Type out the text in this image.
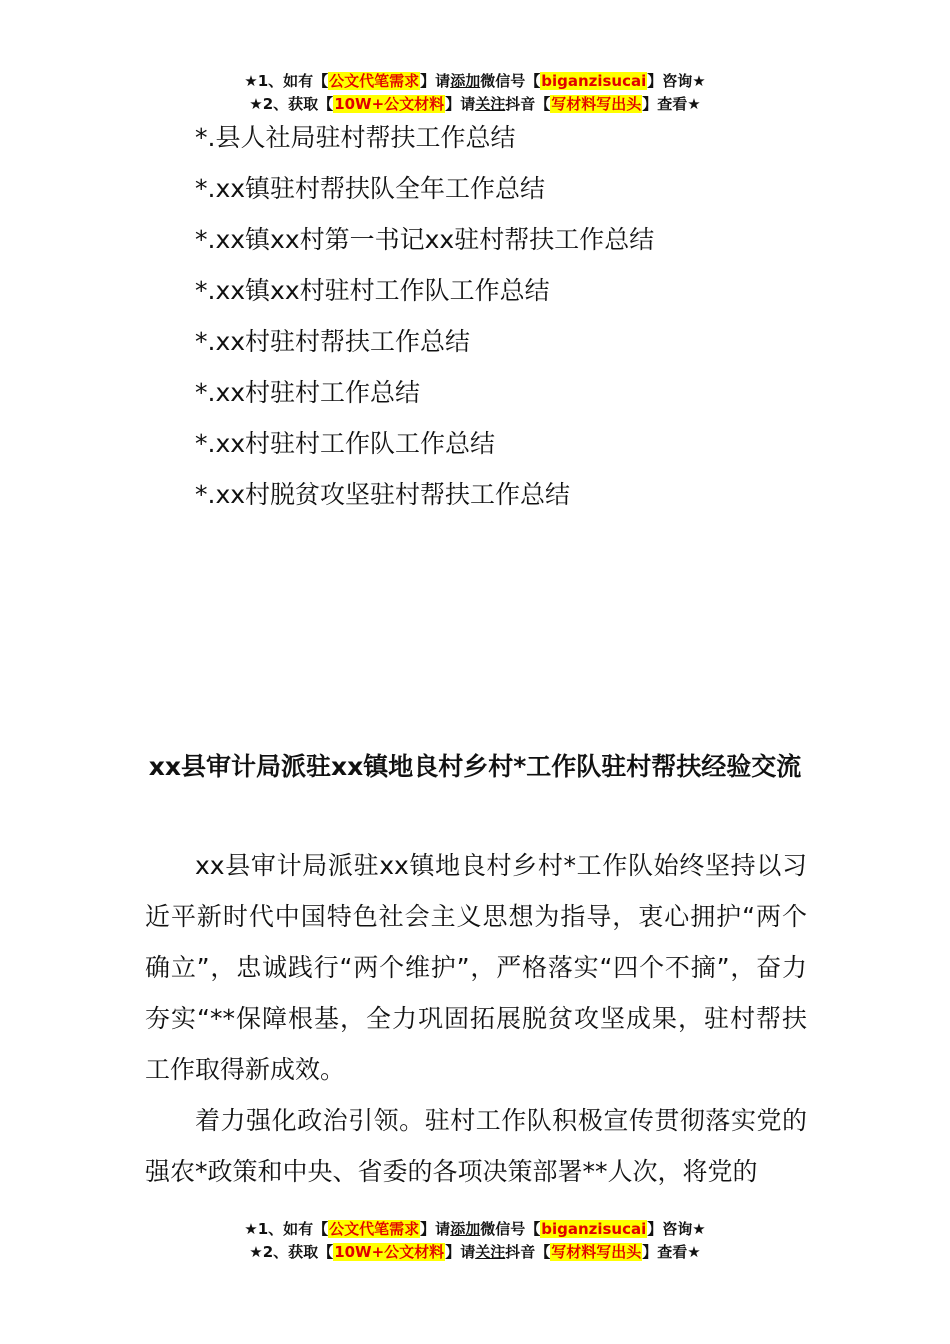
★1、如有【公文代笔需求】请添加微信号【biganzisucai】咨询★
★2、获取【10W+公文材料】请关注抖音【写材料写出头】查看★
*.县人社局驻村帮扶工作总结
*.xx镇驻村帮扶队全年工作总结
*.xx镇xx村第一书记xx驻村帮扶工作总结
*.xx镇xx村驻村工作队工作总结
*.xx村驻村帮扶工作总结
*.xx村驻村工作总结
*.xx村驻村工作队工作总结
*.xx村脱贫攻坚驻村帮扶工作总结
xx县审计局派驻xx镇地良村乡村*工作队驻村帮扶经验交流

xx县审计局派驻xx镇地良村乡村*工作队始终坚持以习近平新时代中国特色社会主义思想为指导，衷心拥护“两个确立”，忠诚践行“两个维护”，严格落实“四个不摘”，奋力夯实“**保障根基，全力巩固拓展脱贫攻坚成果，驻村帮扶工作取得新成效。

着力强化政治引领。驻村工作队积极宣传贯彻落实党的强农*政策和中央、省委的各项决策部署**人次，将党的

★1、如有【公文代笔需求】请添加微信号【biganzisucai】咨询★
★2、获取【10W+公文材料】请关注抖音【写材料写出头】查看★
